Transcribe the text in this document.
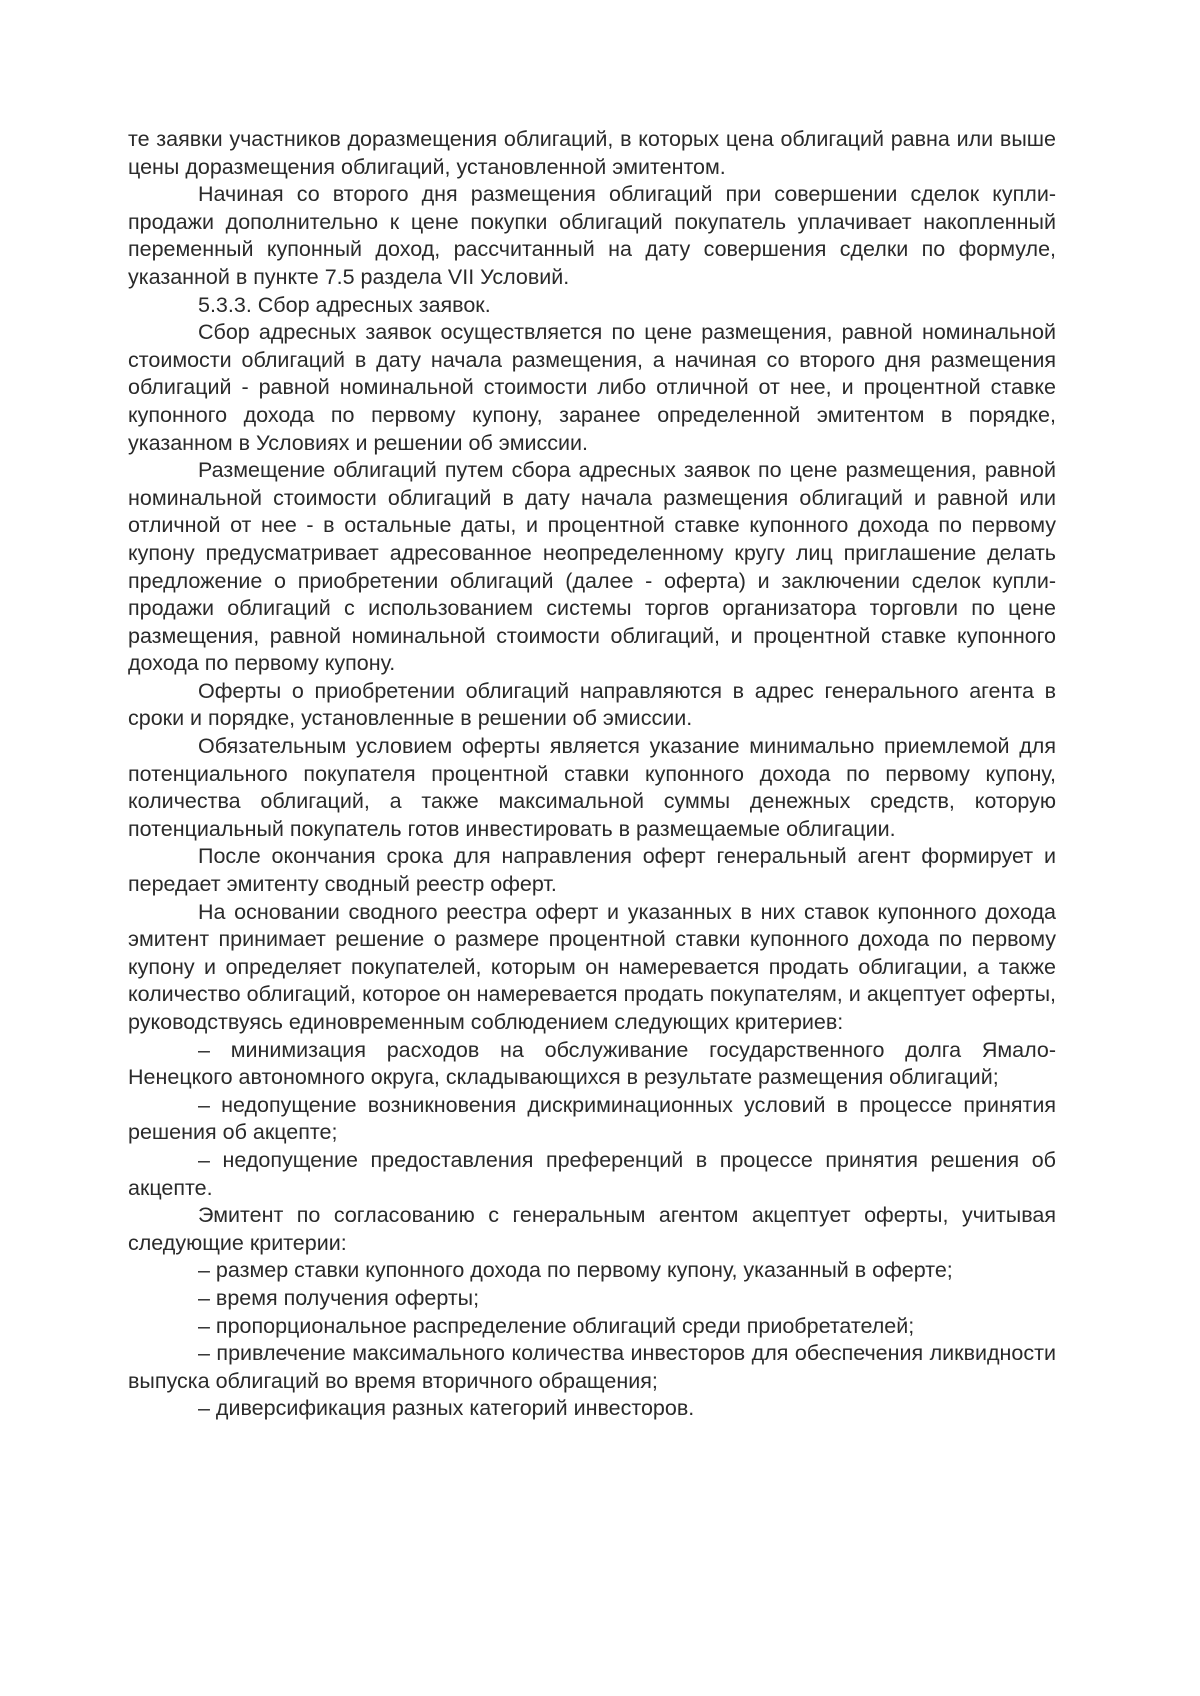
те заявки участников доразмещения облигаций, в которых цена облигаций равна или выше цены доразмещения облигаций, установленной эмитентом.

Начиная со второго дня размещения облигаций при совершении сделок купли-продажи дополнительно к цене покупки облигаций покупатель уплачивает накопленный переменный купонный доход, рассчитанный на дату совершения сделки по формуле, указанной в пункте 7.5 раздела VII Условий.

5.3.3. Сбор адресных заявок.

Сбор адресных заявок осуществляется по цене размещения, равной номинальной стоимости облигаций в дату начала размещения, а начиная со второго дня размещения облигаций - равной номинальной стоимости либо отличной от нее, и процентной ставке купонного дохода по первому купону, заранее определенной эмитентом в порядке, указанном в Условиях и решении об эмиссии.

Размещение облигаций путем сбора адресных заявок по цене размещения, равной номинальной стоимости облигаций в дату начала размещения облигаций и равной или отличной от нее - в остальные даты, и процентной ставке купонного дохода по первому купону предусматривает адресованное неопределенному кругу лиц приглашение делать предложение о приобретении облигаций (далее - оферта) и заключении сделок купли-продажи облигаций с использованием системы торгов организатора торговли по цене размещения, равной номинальной стоимости облигаций, и процентной ставке купонного дохода по первому купону.

Оферты о приобретении облигаций направляются в адрес генерального агента в сроки и порядке, установленные в решении об эмиссии.

Обязательным условием оферты является указание минимально приемлемой для потенциального покупателя процентной ставки купонного дохода по первому купону, количества облигаций, а также максимальной суммы денежных средств, которую потенциальный покупатель готов инвестировать в размещаемые облигации.

После окончания срока для направления оферт генеральный агент формирует и передает эмитенту сводный реестр оферт.

На основании сводного реестра оферт и указанных в них ставок купонного дохода эмитент принимает решение о размере процентной ставки купонного дохода по первому купону и определяет покупателей, которым он намеревается продать облигации, а также количество облигаций, которое он намеревается продать покупателям, и акцептует оферты, руководствуясь единовременным соблюдением следующих критериев:

– минимизация расходов на обслуживание государственного долга Ямало-Ненецкого автономного округа, складывающихся в результате размещения облигаций;

– недопущение возникновения дискриминационных условий в процессе принятия решения об акцепте;

– недопущение предоставления преференций в процессе принятия решения об акцепте.

Эмитент по согласованию с генеральным агентом акцептует оферты, учитывая следующие критерии:

– размер ставки купонного дохода по первому купону, указанный в оферте;

– время получения оферты;

– пропорциональное распределение облигаций среди приобретателей;

– привлечение максимального количества инвесторов для обеспечения ликвидности выпуска облигаций во время вторичного обращения;

– диверсификация разных категорий инвесторов.
